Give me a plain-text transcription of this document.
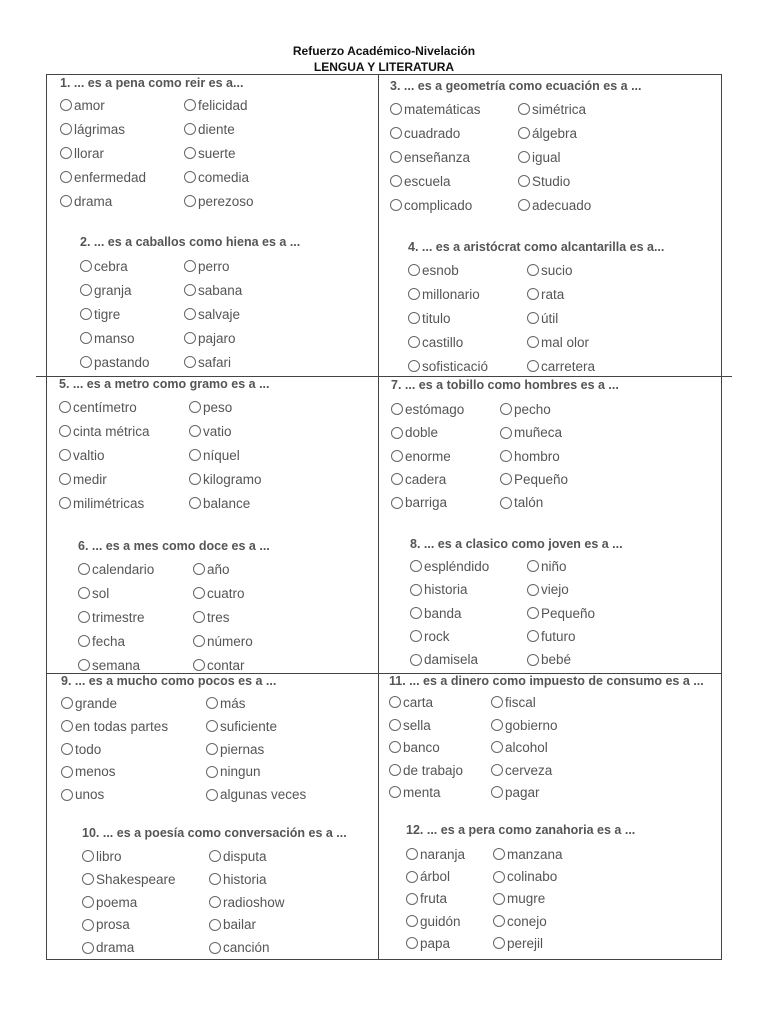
Refuerzo Académico-Nivelación
LENGUA Y LITERATURA
1. ... es a pena como reir es a...
amor
lágrimas
llorar
enfermedad
drama
felicidad
diente
suerte
comedia
perezoso
2. ... es a caballos como hiena es a ...
cebra
granja
tigre
manso
pastando
perro
sabana
salvaje
pajaro
safari
3. ... es a geometría como ecuación es a ...
matemáticas
cuadrado
enseñanza
escuela
complicado
simétrica
álgebra
igual
Studio
adecuado
4. ... es a aristócrat como alcantarilla es a...
esnob
millonario
titulo
castillo
sofisticació
sucio
rata
útil
mal olor
carretera
5. ... es a metro como gramo es a ...
centímetro
cinta métrica
valtio
medir
milimétricas
peso
vatio
níquel
kilogramo
balance
6. ... es a mes como doce es a ...
calendario
sol
trimestre
fecha
semana
año
cuatro
tres
número
contar
7. ... es a tobillo como hombres es a ...
estómago
doble
enorme
cadera
barriga
pecho
muñeca
hombro
Pequeño
talón
8. ... es a clasico como joven es a ...
espléndido
historia
banda
rock
damisela
niño
viejo
Pequeño
futuro
bebé
9. ... es a mucho como pocos es a ...
grande
en todas partes
todo
menos
unos
más
suficiente
piernas
ningun
algunas veces
10. ... es a poesía como conversación es a ...
libro
Shakespeare
poema
prosa
drama
disputa
historia
radioshow
bailar
canción
11. ... es a dinero como impuesto de consumo es a ...
carta
sella
banco
de trabajo
menta
fiscal
gobierno
alcohol
cerveza
pagar
12. ... es a pera como zanahoria es a ...
naranja
árbol
fruta
guidón
papa
manzana
colinabo
mugre
conejo
perejil
